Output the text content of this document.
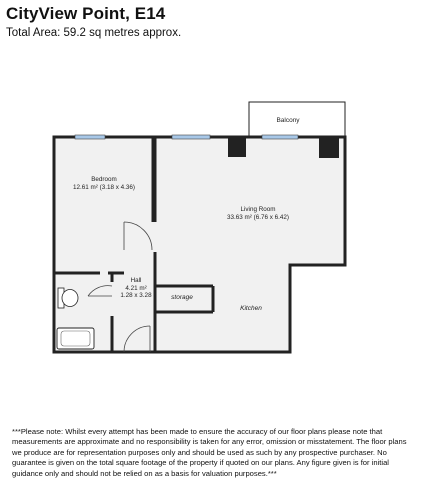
CityView Point, E14
Total Area: 59.2 sq metres approx.
Balcony
Bedroom
12.61 m² (3.18 x 4.36)
Living Room
33.63 m² (6.76 x 6.42)
Hall
4.21 m²
1.28 x 3.28	storage
Kitchen
***Please note: Whilst every attempt has been made to ensure the accuracy of our floor plans please note that measurements are approximate and no responsibility is taken for any error, omission or misstatement. The floor plans we produce are for representation purposes only and should be used as such by any prospective purchaser. No guarantee is given on the total square footage of the property if quoted on our plans. Any figure given is for initial guidance only and should not be relied on as a basis for valuation purposes.***
